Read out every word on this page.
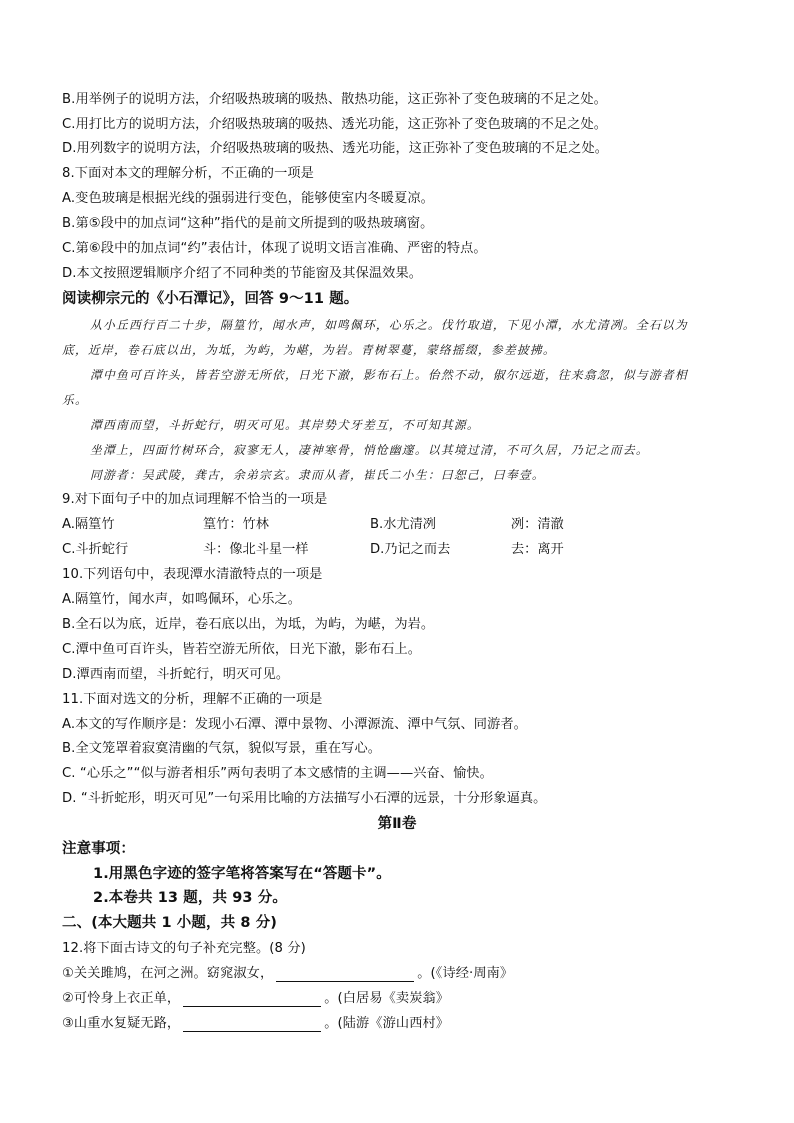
B.用举例子的说明方法，介绍吸热玻璃的吸热、散热功能，这正弥补了变色玻璃的不足之处。
C.用打比方的说明方法，介绍吸热玻璃的吸热、透光功能，这正弥补了变色玻璃的不足之处。
D.用列数字的说明方法，介绍吸热玻璃的吸热、透光功能，这正弥补了变色玻璃的不足之处。
8.下面对本文的理解分析，不正确的一项是
A.变色玻璃是根据光线的强弱进行变色，能够使室内冬暖夏凉。
B.第⑤段中的加点词“这种”指代的是前文所提到的吸热玻璃窗。
C.第⑥段中的加点词“约”表估计，体现了说明文语言准确、严密的特点。
D.本文按照逻辑顺序介绍了不同种类的节能窗及其保温效果。
阅读柳宗元的《小石潭记》，回答 9～11 题。
从小丘西行百二十步，隔篁竹，闻水声，如鸣佩环，心乐之。伐竹取道，下见小潭，水尤清冽。全石以为
底，近岸，卷石底以出，为坻，为屿，为嵁，为岩。青树翠蔓，蒙络摇缀，参差披拂。
潭中鱼可百许头，皆若空游无所依，日光下澈，影布石上。佁然不动，俶尔远逝，往来翕忽，似与游者相
乐。
潭西南而望，斗折蛇行，明灭可见。其岸势犬牙差互，不可知其源。
坐潭上，四面竹树环合，寂寥无人，凄神寒骨，悄怆幽邃。以其境过清，不可久居，乃记之而去。
同游者：吴武陵，龚古，余弟宗玄。隶而从者，崔氏二小生：曰恕己，曰奉壹。
9.对下面句子中的加点词理解不恰当的一项是
A.隔篁竹	篁竹：竹林	B.水尤清冽	冽：清澈
C.斗折蛇行	斗：像北斗星一样	D.乃记之而去	去：离开
10.下列语句中，表现潭水清澈特点的一项是
A.隔篁竹，闻水声，如鸣佩环，心乐之。
B.全石以为底，近岸，卷石底以出，为坻，为屿，为嵁，为岩。
C.潭中鱼可百许头，皆若空游无所依，日光下澈，影布石上。
D.潭西南而望，斗折蛇行，明灭可见。
11.下面对选文的分析，理解不正确的一项是
A.本文的写作顺序是：发现小石潭、潭中景物、小潭源流、潭中气氛、同游者。
B.全文笼罩着寂寞清幽的气氛，貌似写景，重在写心。
C. “心乐之”“似与游者相乐”两句表明了本文感情的主调——兴奋、愉快。
D. “斗折蛇形，明灭可见”一句采用比喻的方法描写小石潭的远景，十分形象逼真。
第Ⅱ卷
注意事项：
1.用黑色字迹的签字笔将答案写在“答题卡”。
2.本卷共 13 题，共 93 分。
二、(本大题共 1 小题，共 8 分)
12.将下面古诗文的句子补充完整。(8 分)
①关关雎鸠，在河之洲。窈窕淑女，	。(《诗经·周南》
②可怜身上衣正单，	。(白居易《卖炭翁》
③山重水复疑无路，	。(陆游《游山西村》
